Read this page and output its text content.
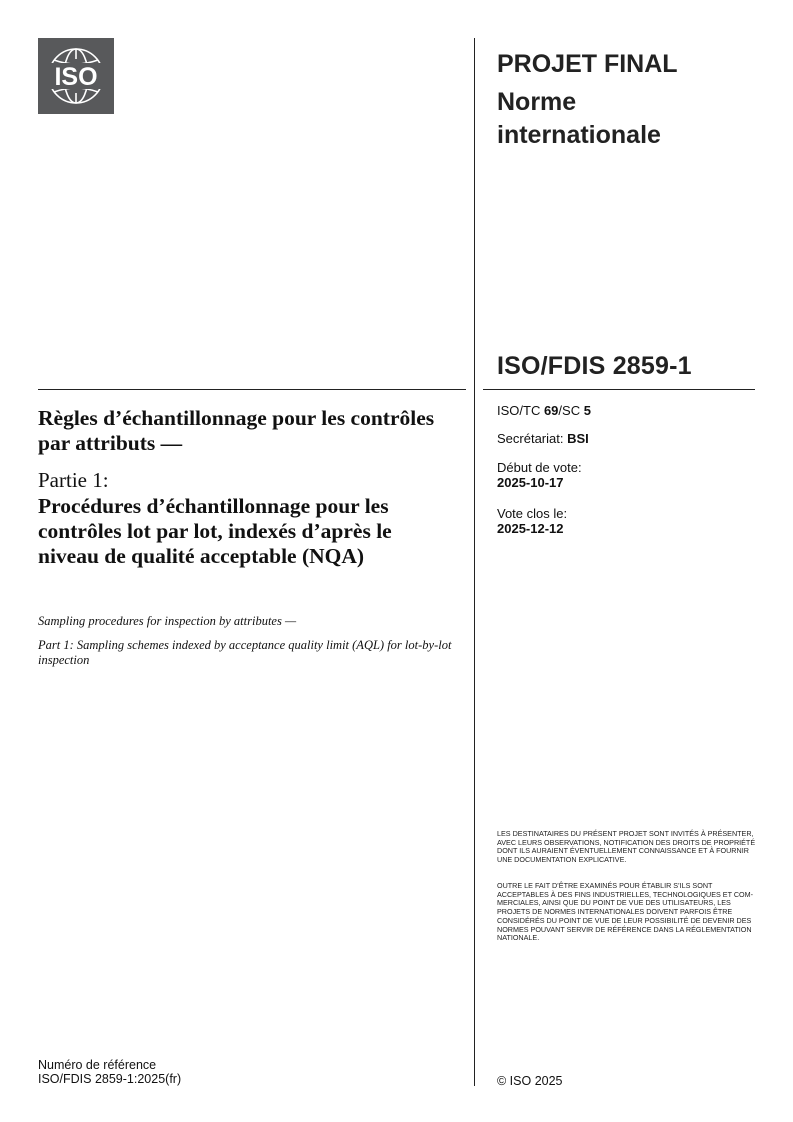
ISO	PROJET FINAL
Norme internationale
ISO/FDIS 2859-1
Règles d’échantillonnage pour les contrôles par attributs —
Partie 1:
Procédures d’échantillonnage pour les contrôles lot par lot, indexés d’après le niveau de qualité acceptable (NQA)
Sampling procedures for inspection by attributes —
Part 1: Sampling schemes indexed by acceptance quality limit (AQL) for lot-by-lot inspection
ISO/TC 69/SC 5
Secrétariat: BSI
Début de vote:
2025-10-17
Vote clos le:
2025-12-12
LES DESTINATAIRES DU PRÉSENT PROJET SONT INVITÉS À PRÉSENTER, AVEC LEURS OBSERVATIONS, NOTIFICATION DES DROITS DE PROPRIÉTÉ DONT ILS AURAIENT ÉVENTUELLEMENT CONNAISSANCE ET À FOURNIR UNE DOCUMENTATION EXPLICATIVE.
OUTRE LE FAIT D’ÊTRE EXAMINÉS POUR ÉTABLIR S’ILS SONT ACCEPTABLES À DES FINS INDUSTRIELLES, TECHNOLOGIQUES ET COM-MERCIALES, AINSI QUE DU POINT DE VUE DES UTILISATEURS, LES PROJETS DE NORMES INTERNATIONALES DOIVENT PARFOIS ÊTRE CONSIDÉRÉS DU POINT DE VUE DE LEUR POSSIBILITÉ DE DEVENIR DES NORMES POUVANT SERVIR DE RÉFÉRENCE DANS LA RÉGLEMENTATION NATIONALE.
Numéro de référence
ISO/FDIS 2859-1:2025(fr)	© ISO 2025
